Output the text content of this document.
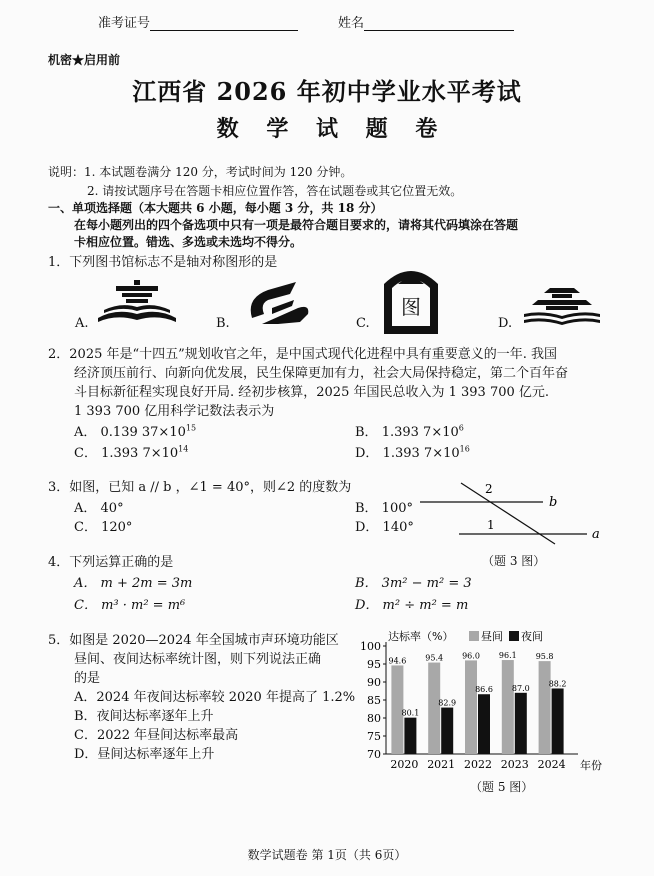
准考证号	姓名
机密★启用前
江西省 2026 年初中学业水平考试
数 学 试 题 卷
说明：1. 本试题卷满分 120 分，考试时间为 120 分钟。
2. 请按试题序号在答题卡相应位置作答，答在试题卷或其它位置无效。
一、单项选择题（本大题共 6 小题，每小题 3 分，共 18 分）
在每小题列出的四个备选项中只有一项是最符合题目要求的，请将其代码填涂在答题
卡相应位置。错选、多选或未选均不得分。
1．下列图书馆标志不是轴对称图形的是
A.	B.	C.
图
D.
2．2025 年是“十四五”规划收官之年，是中国式现代化进程中具有重要意义的一年. 我国
经济顶压前行、向新向优发展，民生保障更加有力，社会大局保持稳定，第二个百年奋
斗目标新征程实现良好开局. 经初步核算，2025 年国民总收入为 1 393 700 亿元.
1 393 700 亿用科学记数法表示为
A． 0.139 $37\times 10^{15}$	B． 1.393 $7\times 10^6$
C． 1.393 $7\times 10^{14}$	D． 1.393 $7\times 10^{16}$
3．如图，已知 a // b ，∠1 = 40°，则∠2 的度数为
A． 40°	B． 100°
C． 120°	D． 140°
2
1
b
a
（题 3 图）
4．下列运算正确的是
A． m + 2m = 3m	B． 3m² − m² = 3
C． m³ · m² = m⁶	D． m² ÷ m² = m
5．如图是 2020—2024 年全国城市声环境功能区
昼间、夜间达标率统计图，则下列说法正确
的是
A．2024 年夜间达标率较 2020 年提高了 1.2%
B．夜间达标率逐年上升
C．2022 年昼间达标率最高
D．昼间达标率逐年上升
达标率（%）	昼间 夜间
年份
70
75
80
85
90
95
100
2020
94.6
80.1
2021
95.4
82.9
2022
96.0
86.6
2023
96.1
87.0
2024
95.8
88.2
（题 5 图）
数学试题卷 第 1页（共 6页）
